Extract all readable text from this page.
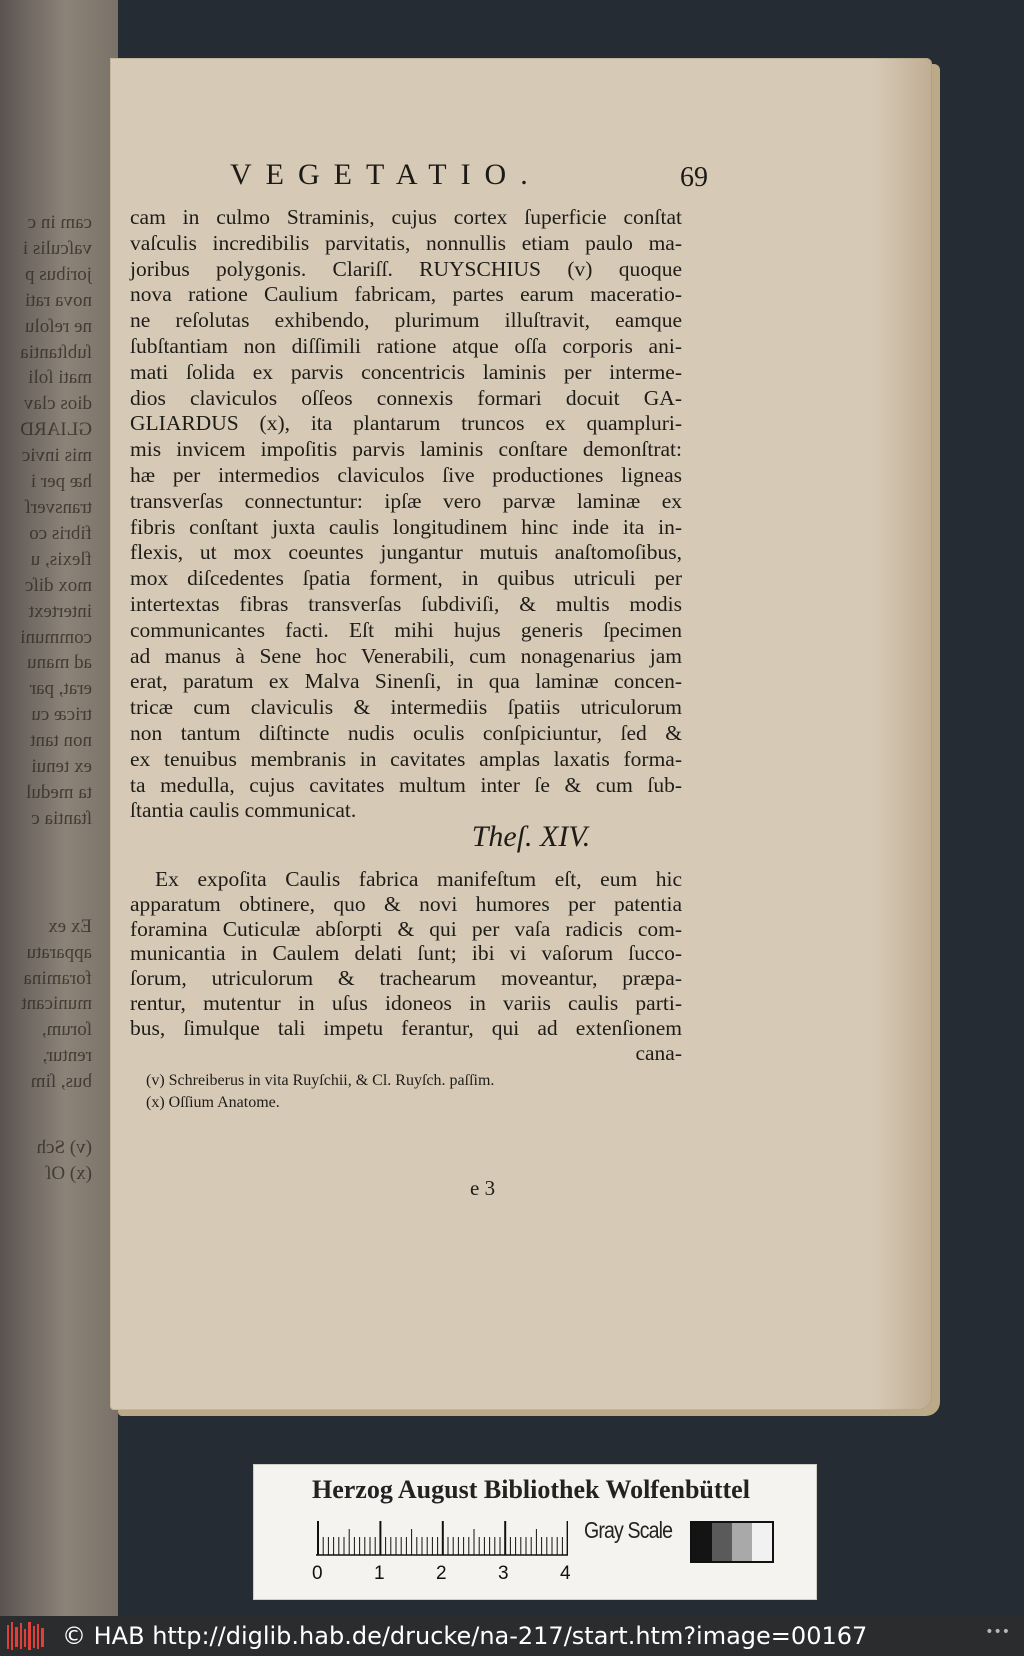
cam in c
vaſculis i
joribus p
nova rati
ne reſolu
ſubſtantia
mati ſoli
dios clav
GLIARD
mis invic
hæ per i
transverſ
fibris co
flexis, u
mox diſc
intertext
communi
ad manu
erat, par
tricæ cu
non tant
ex tenui
ta medul
ſtantia c
Ex ex
apparatu
foramina
municant
ſorum,
rentur,
bus, ſim
(v) Sch
(x) Oſ
VEGETATIO.	69
cam in culmo Straminis, cujus cortex ſuperficie conſtat
vaſculis incredibilis parvitatis, nonnullis etiam paulo ma-
joribus polygonis. Clariſſ. RUYSCHIUS (v) quoque
nova ratione Caulium fabricam, partes earum maceratio-
ne reſolutas exhibendo, plurimum illuſtravit, eamque
ſubſtantiam non diſſimili ratione atque oſſa corporis ani-
mati ſolida ex parvis concentricis laminis per interme-
dios claviculos oſſeos connexis formari docuit GA-
GLIARDUS (x), ita plantarum truncos ex quampluri-
mis invicem impoſitis parvis laminis conſtare demonſtrat:
hæ per intermedios claviculos ſive productiones ligneas
transverſas connectuntur: ipſæ vero parvæ laminæ ex
fibris conſtant juxta caulis longitudinem hinc inde ita in-
flexis, ut mox coeuntes jungantur mutuis anaſtomoſibus,
mox diſcedentes ſpatia forment, in quibus utriculi per
intertextas fibras transverſas ſubdiviſi, & multis modis
communicantes facti. Eſt mihi hujus generis ſpecimen
ad manus à Sene hoc Venerabili, cum nonagenarius jam
erat, paratum ex Malva Sinenſi, in qua laminæ concen-
tricæ cum claviculis & intermediis ſpatiis utriculorum
non tantum diſtincte nudis oculis conſpiciuntur, ſed &
ex tenuibus membranis in cavitates amplas laxatis forma-
ta medulla, cujus cavitates multum inter ſe & cum ſub-
ſtantia caulis communicat.
Theſ. XIV.
Ex expoſita Caulis fabrica manifeſtum eſt, eum hic
apparatum obtinere, quo & novi humores per patentia
foramina Cuticulæ abſorpti & qui per vaſa radicis com-
municantia in Caulem delati ſunt; ibi vi vaſorum ſucco-
ſorum, utriculorum & trachearum moveantur, præpa-
rentur, mutentur in uſus idoneos in variis caulis parti-
bus, ſimulque tali impetu ferantur, qui ad extenſionem
cana-
(v) Schreiberus in vita Ruyſchii, & Cl. Ruyſch. paſſim.
(x) Oſſium Anatome.
e 3
Herzog August Bibliothek Wolfenbüttel
0	1	2	3	4
Gray Scale
© HAB http://diglib.hab.de/drucke/na-217/start.htm?image=00167	•••
